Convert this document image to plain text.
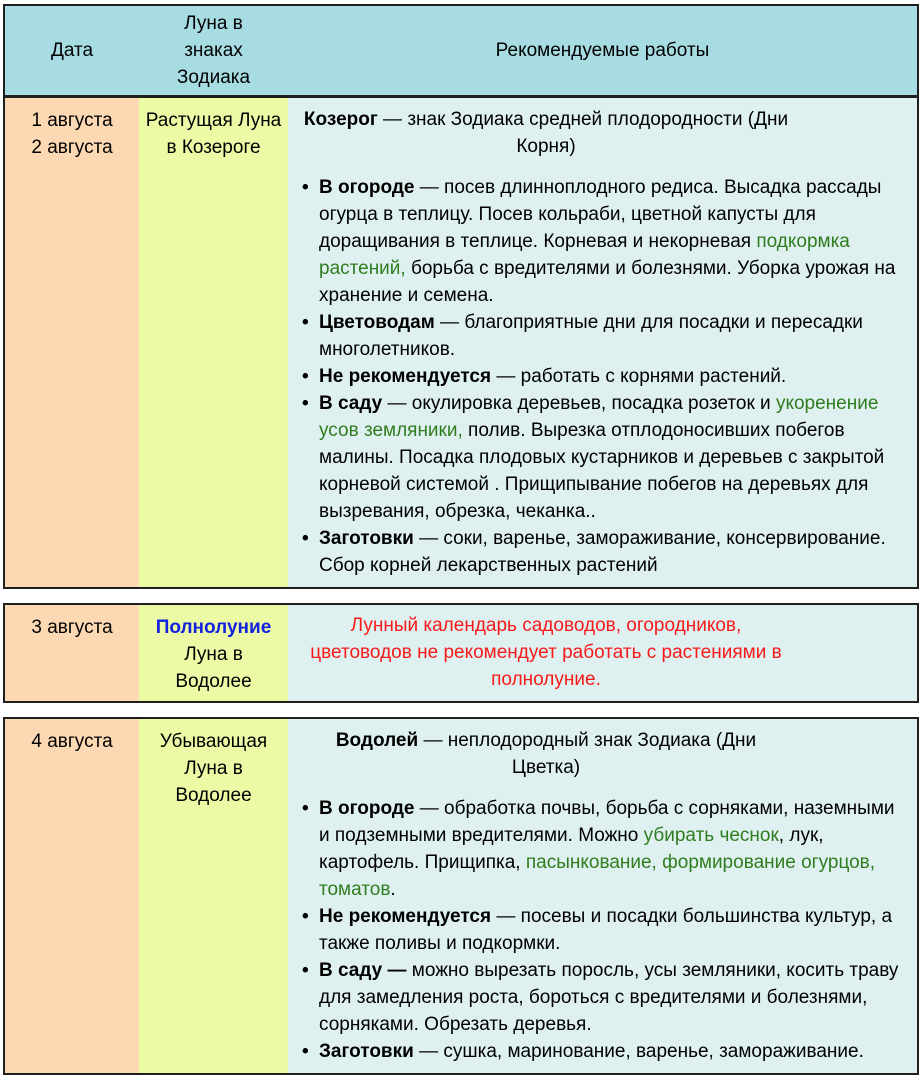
Дата
Луна в
знаках
Зодиака
Рекомендуемые работы
1 августа
2 августа
Растущая Луна
в Козероге

Козерог — знак Зодиака средней плодородности (Дни Корня)

• В огороде — посев длинноплодного редиса. Высадка рассады огурца в теплицу. Посев кольраби, цветной капусты для доращивания в теплице. Корневая и некорневая подкормка растений, борьба с вредителями и болезнями. Уборка урожая на хранение и семена.
• Цветоводам — благоприятные дни для посадки и пересадки многолетников.
• Не рекомендуется — работать с корнями растений.
• В саду — окулировка деревьев, посадка розеток и укоренение усов земляники, полив. Вырезка отплодоносивших побегов малины. Посадка плодовых кустарников и деревьев с закрытой корневой системой . Прищипывание побегов на деревьях для вызревания, обрезка, чеканка..
• Заготовки — соки, варенье, замораживание, консервирование. Сбор корней лекарственных растений
3 августа	Полнолуние
Луна в
Водолее

Лунный календарь садоводов, огородников, цветоводов не рекомендует работать с растениями в полнолуние.

4 августа	Убывающая
Луна в
Водолее

Водолей — неплодородный знак Зодиака (Дни Цветка)

• В огороде — обработка почвы, борьба с сорняками, наземными и подземными вредителями. Можно убирать чеснок, лук, картофель. Прищипка, пасынкование, формирование огурцов, томатов.
• Не рекомендуется — посевы и посадки большинства культур, а также поливы и подкормки.
• В саду — можно вырезать поросль, усы земляники, косить траву для замедления роста, бороться с вредителями и болезнями, сорняками. Обрезать деревья.
• Заготовки — сушка, маринование, варенье, замораживание.
